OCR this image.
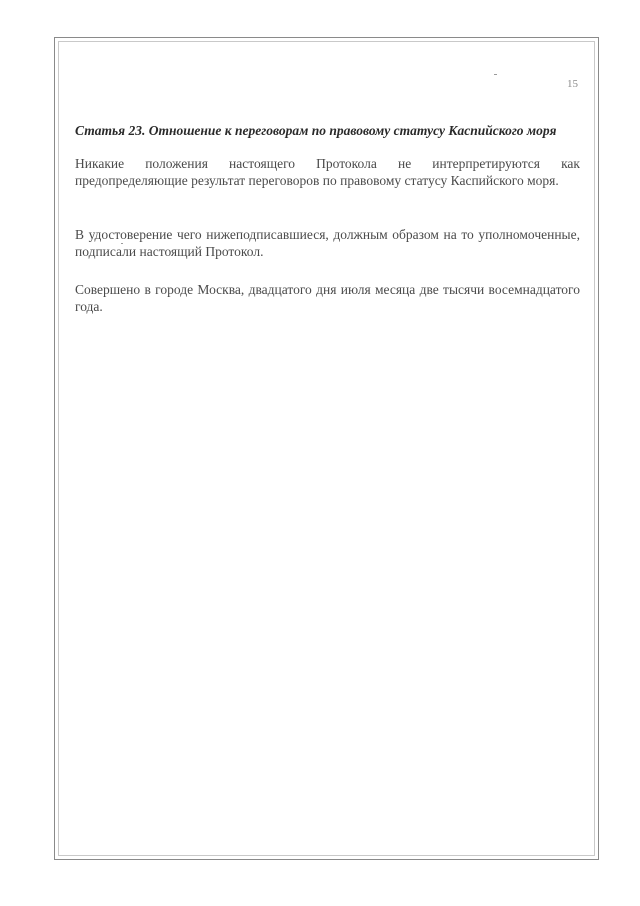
15

Статья 23. Отношение к переговорам по правовому статусу Каспийского моря

Никакие положения настоящего Протокола не интерпретируются как предопределяющие результат переговоров по правовому статусу Каспийского моря.

В удостоверение чего нижеподписавшиеся, должным образом на то уполномоченные, подписали настоящий Протокол.

Совершено в городе Москва, двадцатого дня июля месяца две тысячи восемнадцатого года.
